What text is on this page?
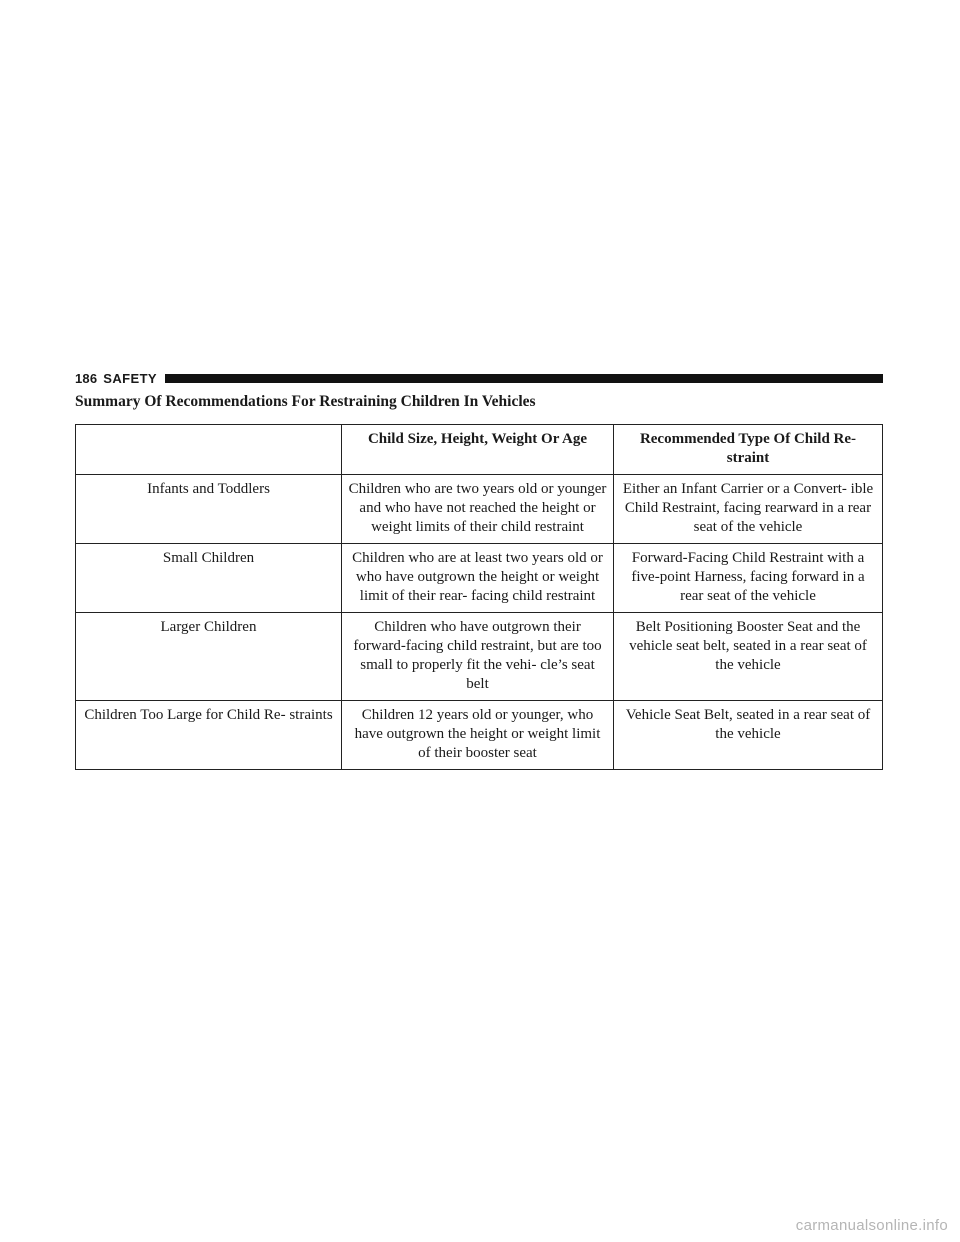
186 SAFETY
Summary Of Recommendations For Restraining Children In Vehicles
	Child Size, Height, Weight Or Age	Recommended Type Of Child Re- straint
Infants and Toddlers	Children who are two years old or younger and who have not reached the height or weight limits of their child restraint	Either an Infant Carrier or a Convert- ible Child Restraint, facing rearward in a rear seat of the vehicle
Small Children	Children who are at least two years old or who have outgrown the height or weight limit of their rear- facing child restraint	Forward-Facing Child Restraint with a five-point Harness, facing forward in a rear seat of the vehicle
Larger Children	Children who have outgrown their forward-facing child restraint, but are too small to properly fit the vehi- cle’s seat belt	Belt Positioning Booster Seat and the vehicle seat belt, seated in a rear seat of the vehicle
Children Too Large for Child Re- straints	Children 12 years old or younger, who have outgrown the height or weight limit of their booster seat	Vehicle Seat Belt, seated in a rear seat of the vehicle
carmanualsonline.info
